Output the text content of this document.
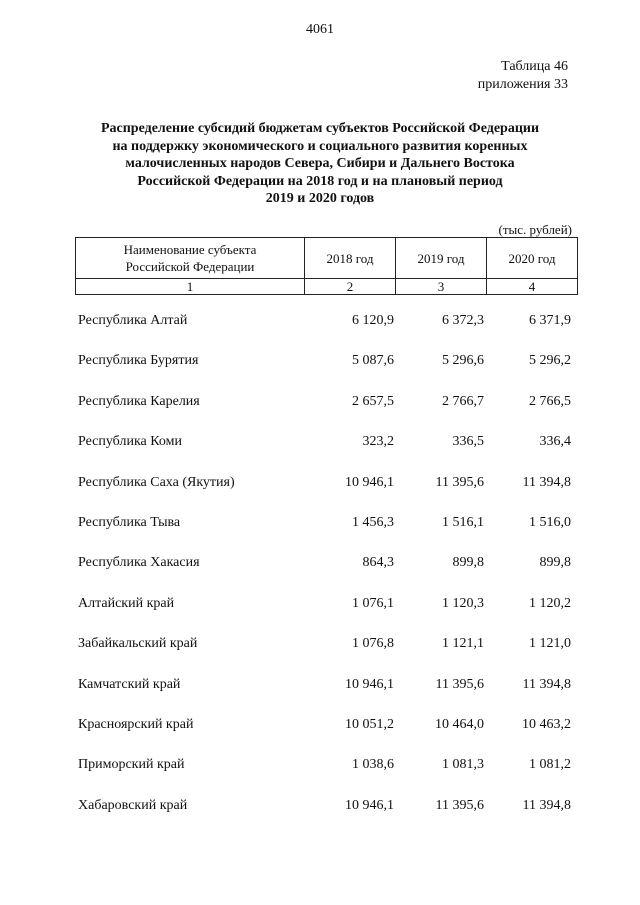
4061
Таблица 46
приложения 33
Распределение субсидий бюджетам субъектов Российской Федерации
на поддержку экономического и социального развития коренных
малочисленных народов Севера, Сибири и Дальнего Востока
Российской Федерации на 2018 год и на плановый период
2019 и 2020 годов
(тыс. рублей)
Наименование субъекта
Российской Федерации	2018 год	2019 год	2020 год
1	2	3	4
Республика Алтай	6 120,9	6 372,3	6 371,9
Республика Бурятия	5 087,6	5 296,6	5 296,2
Республика Карелия	2 657,5	2 766,7	2 766,5
Республика Коми	323,2	336,5	336,4
Республика Саха (Якутия)	10 946,1	11 395,6	11 394,8
Республика Тыва	1 456,3	1 516,1	1 516,0
Республика Хакасия	864,3	899,8	899,8
Алтайский край	1 076,1	1 120,3	1 120,2
Забайкальский край	1 076,8	1 121,1	1 121,0
Камчатский край	10 946,1	11 395,6	11 394,8
Красноярский край	10 051,2	10 464,0	10 463,2
Приморский край	1 038,6	1 081,3	1 081,2
Хабаровский край	10 946,1	11 395,6	11 394,8
